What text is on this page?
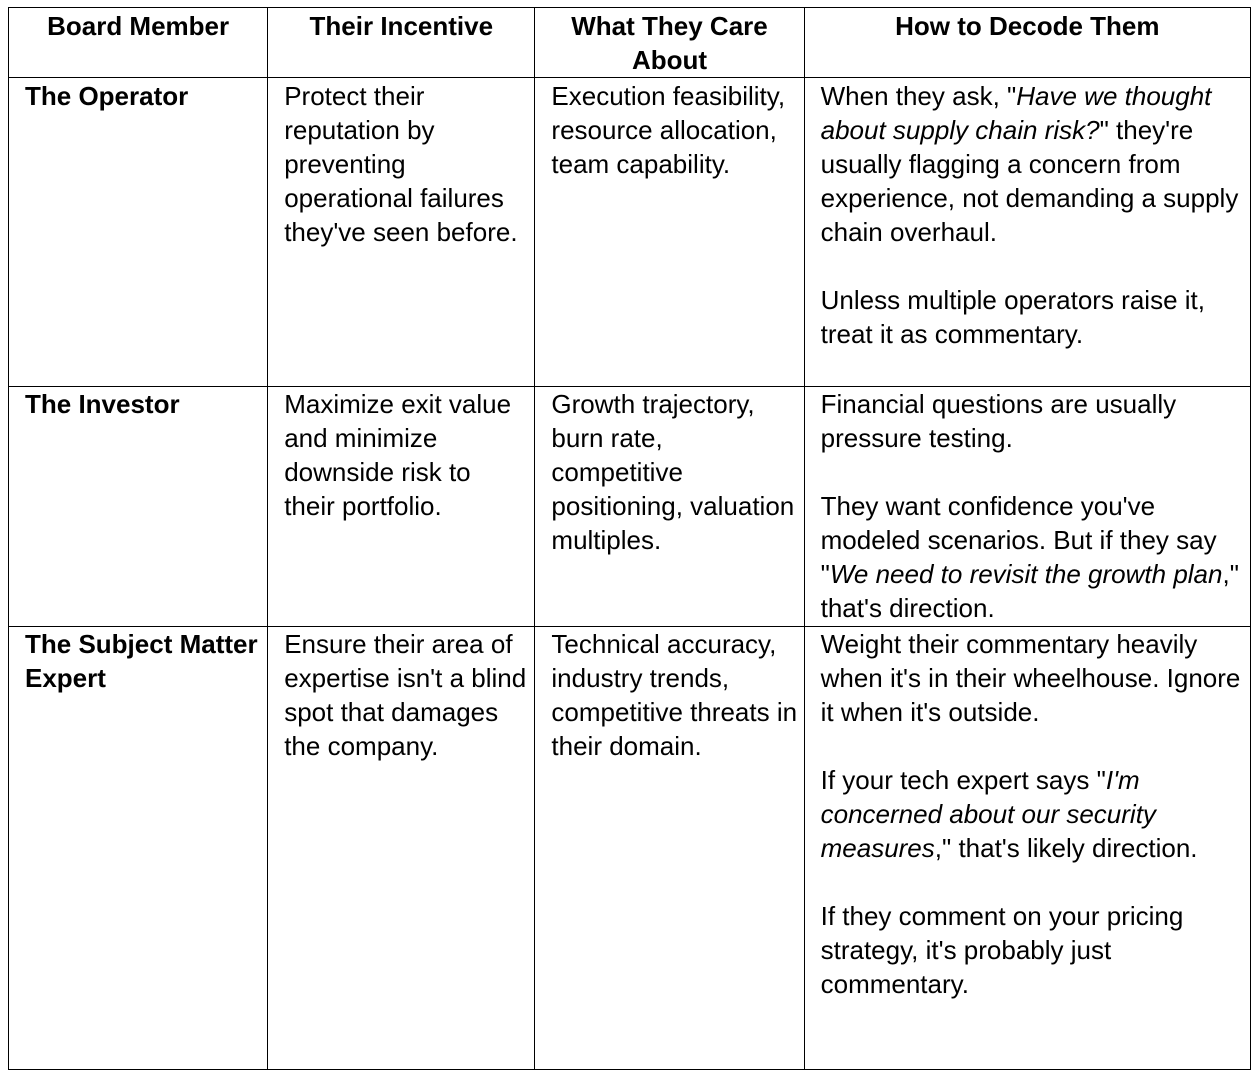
Board Member	Their Incentive	What They Care About	How to Decode Them
The Operator	Protect their reputation by preventing operational failures they've seen before.	Execution feasibility, resource allocation, team capability.	When they ask, "Have we thought about supply chain risk?" they're usually flagging a concern from experience, not demanding a supply chain overhaul.

Unless multiple operators raise it, treat it as commentary.

The Investor	Maximize exit value and minimize downside risk to their portfolio.	Growth trajectory, burn rate, competitive positioning, valuation multiples.	Financial questions are usually pressure testing.

They want confidence you've modeled scenarios. But if they say "We need to revisit the growth plan," that's direction.

The Subject Matter Expert	Ensure their area of expertise isn't a blind spot that damages the company.	Technical accuracy, industry trends, competitive threats in their domain.	Weight their commentary heavily when it's in their wheelhouse. Ignore it when it's outside.

If your tech expert says "I'm concerned about our security measures," that's likely direction.

If they comment on your pricing strategy, it's probably just commentary.
